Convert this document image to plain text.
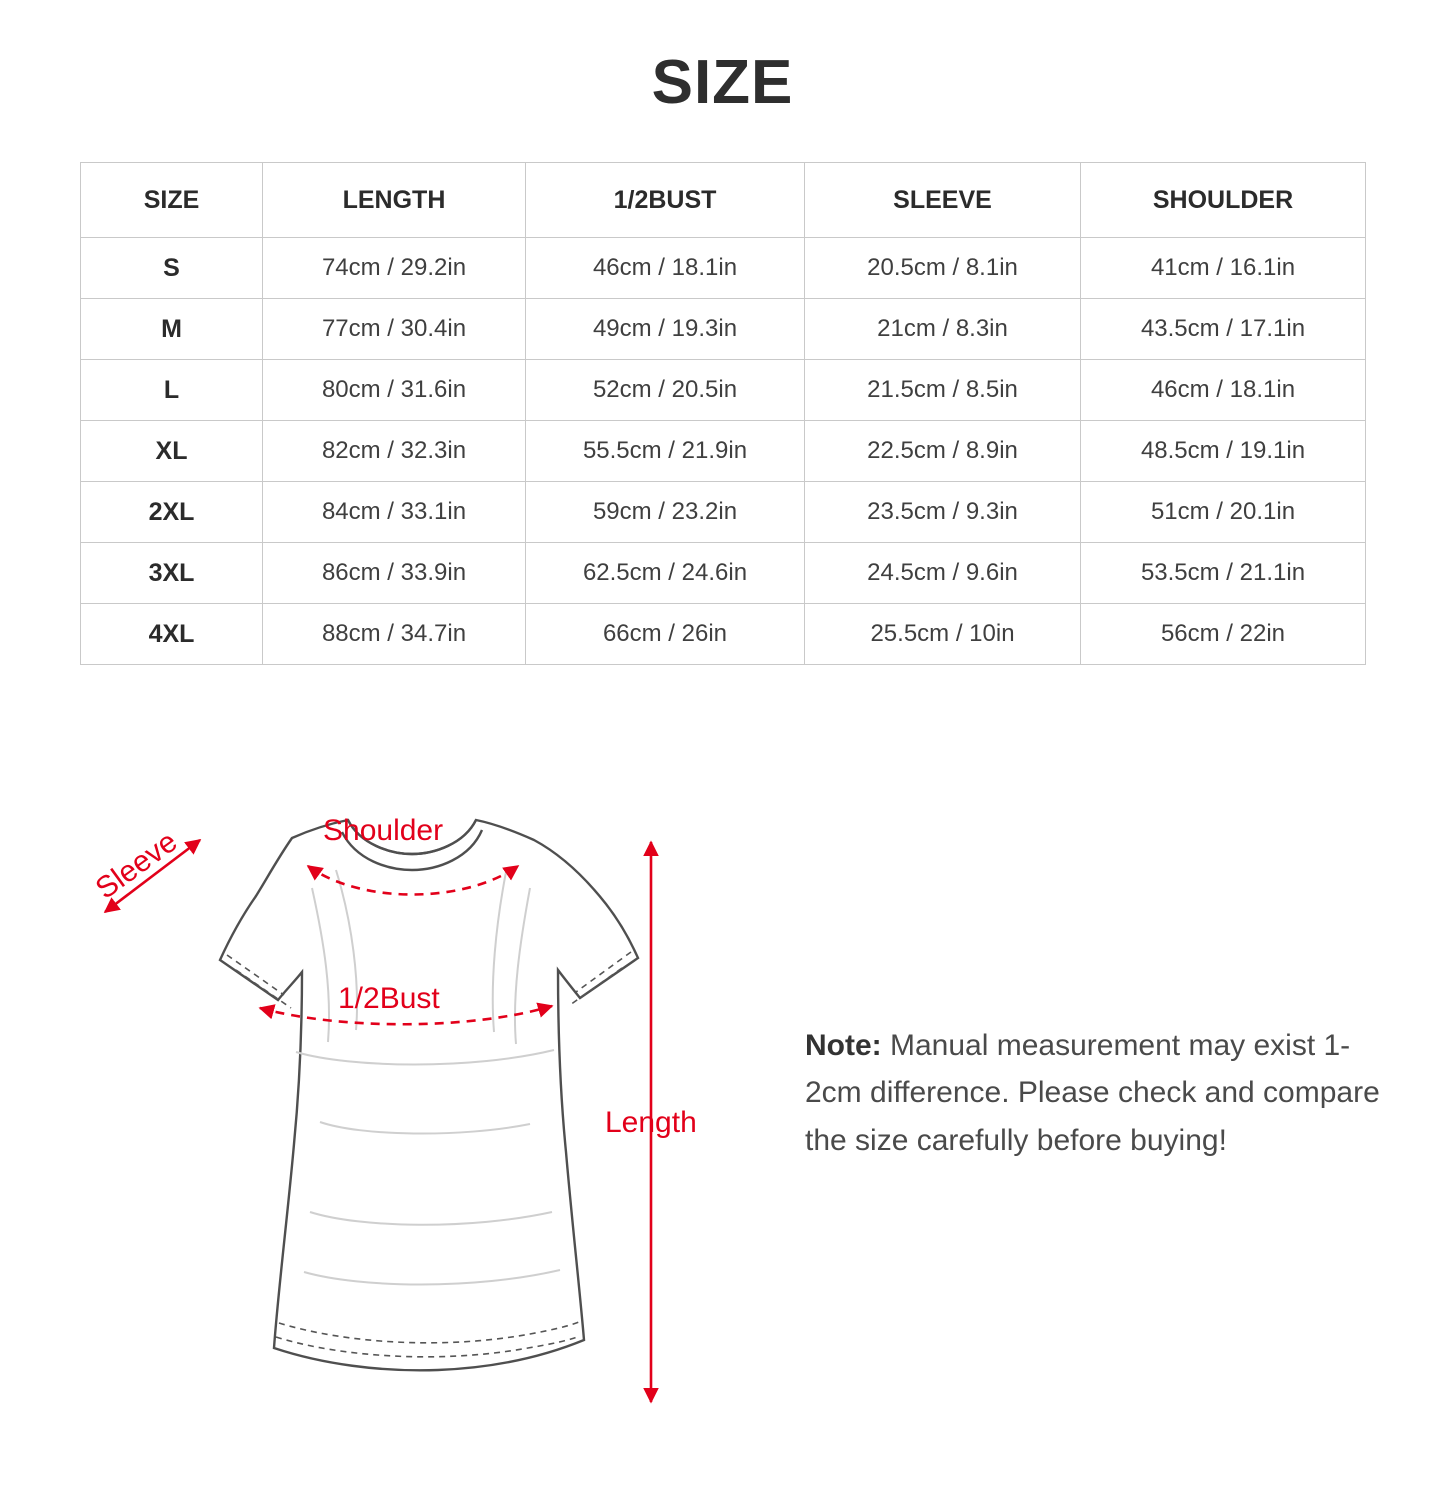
SIZE
SIZE	LENGTH	1/2BUST	SLEEVE	SHOULDER
S	74cm / 29.2in	46cm / 18.1in	20.5cm / 8.1in	41cm / 16.1in
M	77cm / 30.4in	49cm / 19.3in	21cm / 8.3in	43.5cm / 17.1in
L	80cm / 31.6in	52cm / 20.5in	21.5cm / 8.5in	46cm / 18.1in
XL	82cm / 32.3in	55.5cm / 21.9in	22.5cm / 8.9in	48.5cm / 19.1in
2XL	84cm / 33.1in	59cm / 23.2in	23.5cm / 9.3in	51cm / 20.1in
3XL	86cm / 33.9in	62.5cm / 24.6in	24.5cm / 9.6in	53.5cm / 21.1in
4XL	88cm / 34.7in	66cm / 26in	25.5cm / 10in	56cm / 22in
Shoulder
1/2Bust
Sleeve
Length
Note: Manual measurement may exist 1-2cm difference. Please check and compare the size carefully before buying!
